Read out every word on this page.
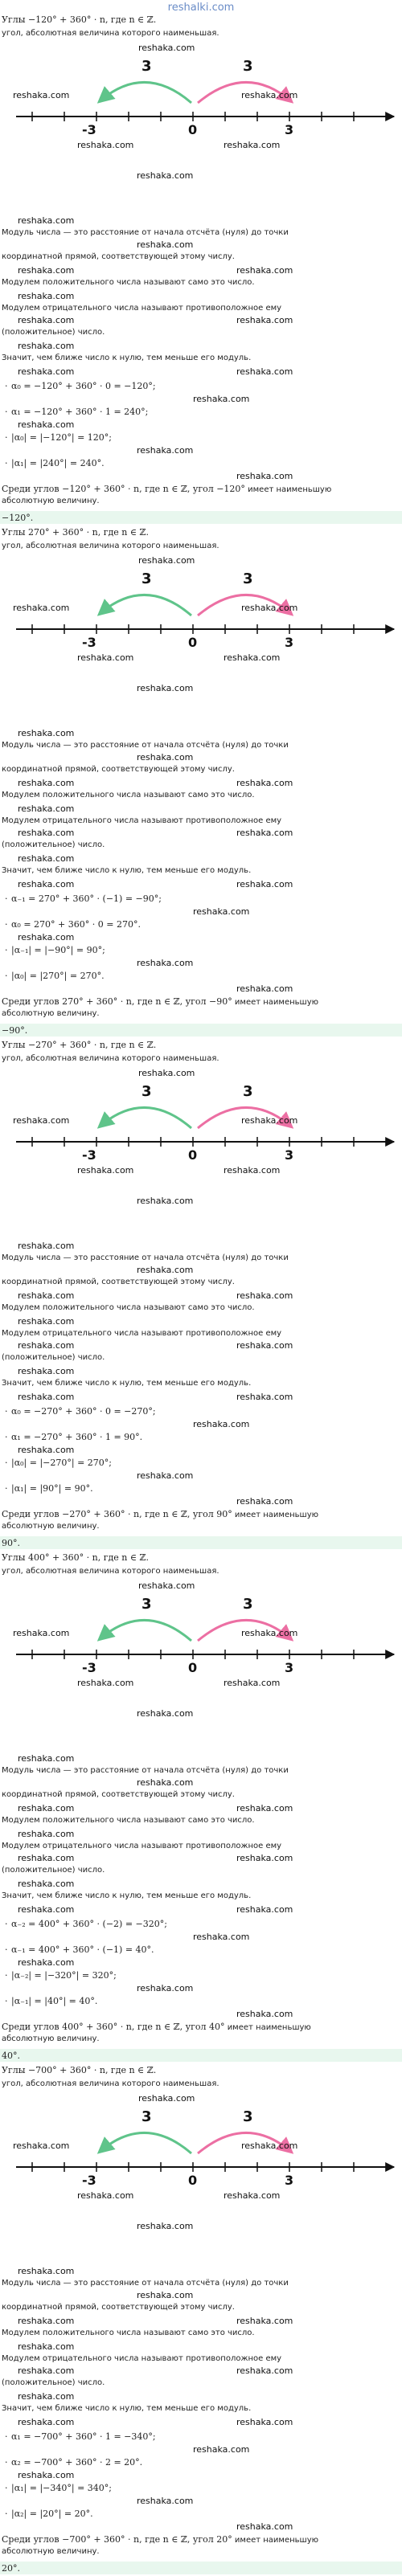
reshalki.com
Углы −120° + 360° · n, где n ∈ ℤ.
угол, абсолютная величина которого наименьшая.
reshaka.com
3	3
reshaka.com	reshaka.com
-3	0	3
reshaka.com	reshaka.com
reshaka.com
reshaka.com
Модуль числа — это расстояние от начала отсчёта (нуля) до точки
reshaka.com
координатной прямой, соответствующей этому числу.
reshaka.com	reshaka.com
Модулем положительного числа называют само это число.
reshaka.com
Модулем отрицательного числа называют противоположное ему
reshaka.com	reshaka.com
(положительное) число.
reshaka.com
Значит, чем ближе число к нулю, тем меньше его модуль.
reshaka.com	reshaka.com
· α₀ = −120° + 360° · 0 = −120°;
reshaka.com
· α₁ = −120° + 360° · 1 = 240°;
reshaka.com
· |α₀| = |−120°| = 120°;
reshaka.com
· |α₁| = |240°| = 240°.
reshaka.com
Среди углов −120° + 360° · n, где n ∈ ℤ, угол −120° имеет наименьшую
абсолютную величину.
−120°.
Углы 270° + 360° · n, где n ∈ ℤ.
угол, абсолютная величина которого наименьшая.
reshaka.com
3	3
reshaka.com	reshaka.com
-3	0	3
reshaka.com	reshaka.com
reshaka.com
reshaka.com
Модуль числа — это расстояние от начала отсчёта (нуля) до точки
reshaka.com
координатной прямой, соответствующей этому числу.
reshaka.com	reshaka.com
Модулем положительного числа называют само это число.
reshaka.com
Модулем отрицательного числа называют противоположное ему
reshaka.com	reshaka.com
(положительное) число.
reshaka.com
Значит, чем ближе число к нулю, тем меньше его модуль.
reshaka.com	reshaka.com
· α₋₁ = 270° + 360° · (−1) = −90°;
reshaka.com
· α₀ = 270° + 360° · 0 = 270°.
reshaka.com
· |α₋₁| = |−90°| = 90°;
reshaka.com
· |α₀| = |270°| = 270°.
reshaka.com
Среди углов 270° + 360° · n, где n ∈ ℤ, угол −90° имеет наименьшую
абсолютную величину.
−90°.
Углы −270° + 360° · n, где n ∈ ℤ.
угол, абсолютная величина которого наименьшая.
reshaka.com
3	3
reshaka.com	reshaka.com
-3	0	3
reshaka.com	reshaka.com
reshaka.com
reshaka.com
Модуль числа — это расстояние от начала отсчёта (нуля) до точки
reshaka.com
координатной прямой, соответствующей этому числу.
reshaka.com	reshaka.com
Модулем положительного числа называют само это число.
reshaka.com
Модулем отрицательного числа называют противоположное ему
reshaka.com	reshaka.com
(положительное) число.
reshaka.com
Значит, чем ближе число к нулю, тем меньше его модуль.
reshaka.com	reshaka.com
· α₀ = −270° + 360° · 0 = −270°;
reshaka.com
· α₁ = −270° + 360° · 1 = 90°.
reshaka.com
· |α₀| = |−270°| = 270°;
reshaka.com
· |α₁| = |90°| = 90°.
reshaka.com
Среди углов −270° + 360° · n, где n ∈ ℤ, угол 90° имеет наименьшую
абсолютную величину.
90°.
Углы 400° + 360° · n, где n ∈ ℤ.
угол, абсолютная величина которого наименьшая.
reshaka.com
3	3
reshaka.com	reshaka.com
-3	0	3
reshaka.com	reshaka.com
reshaka.com
reshaka.com
Модуль числа — это расстояние от начала отсчёта (нуля) до точки
reshaka.com
координатной прямой, соответствующей этому числу.
reshaka.com	reshaka.com
Модулем положительного числа называют само это число.
reshaka.com
Модулем отрицательного числа называют противоположное ему
reshaka.com	reshaka.com
(положительное) число.
reshaka.com
Значит, чем ближе число к нулю, тем меньше его модуль.
reshaka.com	reshaka.com
· α₋₂ = 400° + 360° · (−2) = −320°;
reshaka.com
· α₋₁ = 400° + 360° · (−1) = 40°.
reshaka.com
· |α₋₂| = |−320°| = 320°;
reshaka.com
· |α₋₁| = |40°| = 40°.
reshaka.com
Среди углов 400° + 360° · n, где n ∈ ℤ, угол 40° имеет наименьшую
абсолютную величину.
40°.
Углы −700° + 360° · n, где n ∈ ℤ.
угол, абсолютная величина которого наименьшая.
reshaka.com
3	3
reshaka.com	reshaka.com
-3	0	3
reshaka.com	reshaka.com
reshaka.com
reshaka.com
Модуль числа — это расстояние от начала отсчёта (нуля) до точки
reshaka.com
координатной прямой, соответствующей этому числу.
reshaka.com	reshaka.com
Модулем положительного числа называют само это число.
reshaka.com
Модулем отрицательного числа называют противоположное ему
reshaka.com	reshaka.com
(положительное) число.
reshaka.com
Значит, чем ближе число к нулю, тем меньше его модуль.
reshaka.com	reshaka.com
· α₁ = −700° + 360° · 1 = −340°;
reshaka.com
· α₂ = −700° + 360° · 2 = 20°.
reshaka.com
· |α₁| = |−340°| = 340°;
reshaka.com
· |α₂| = |20°| = 20°.
reshaka.com
Среди углов −700° + 360° · n, где n ∈ ℤ, угол 20° имеет наименьшую
абсолютную величину.
20°.
